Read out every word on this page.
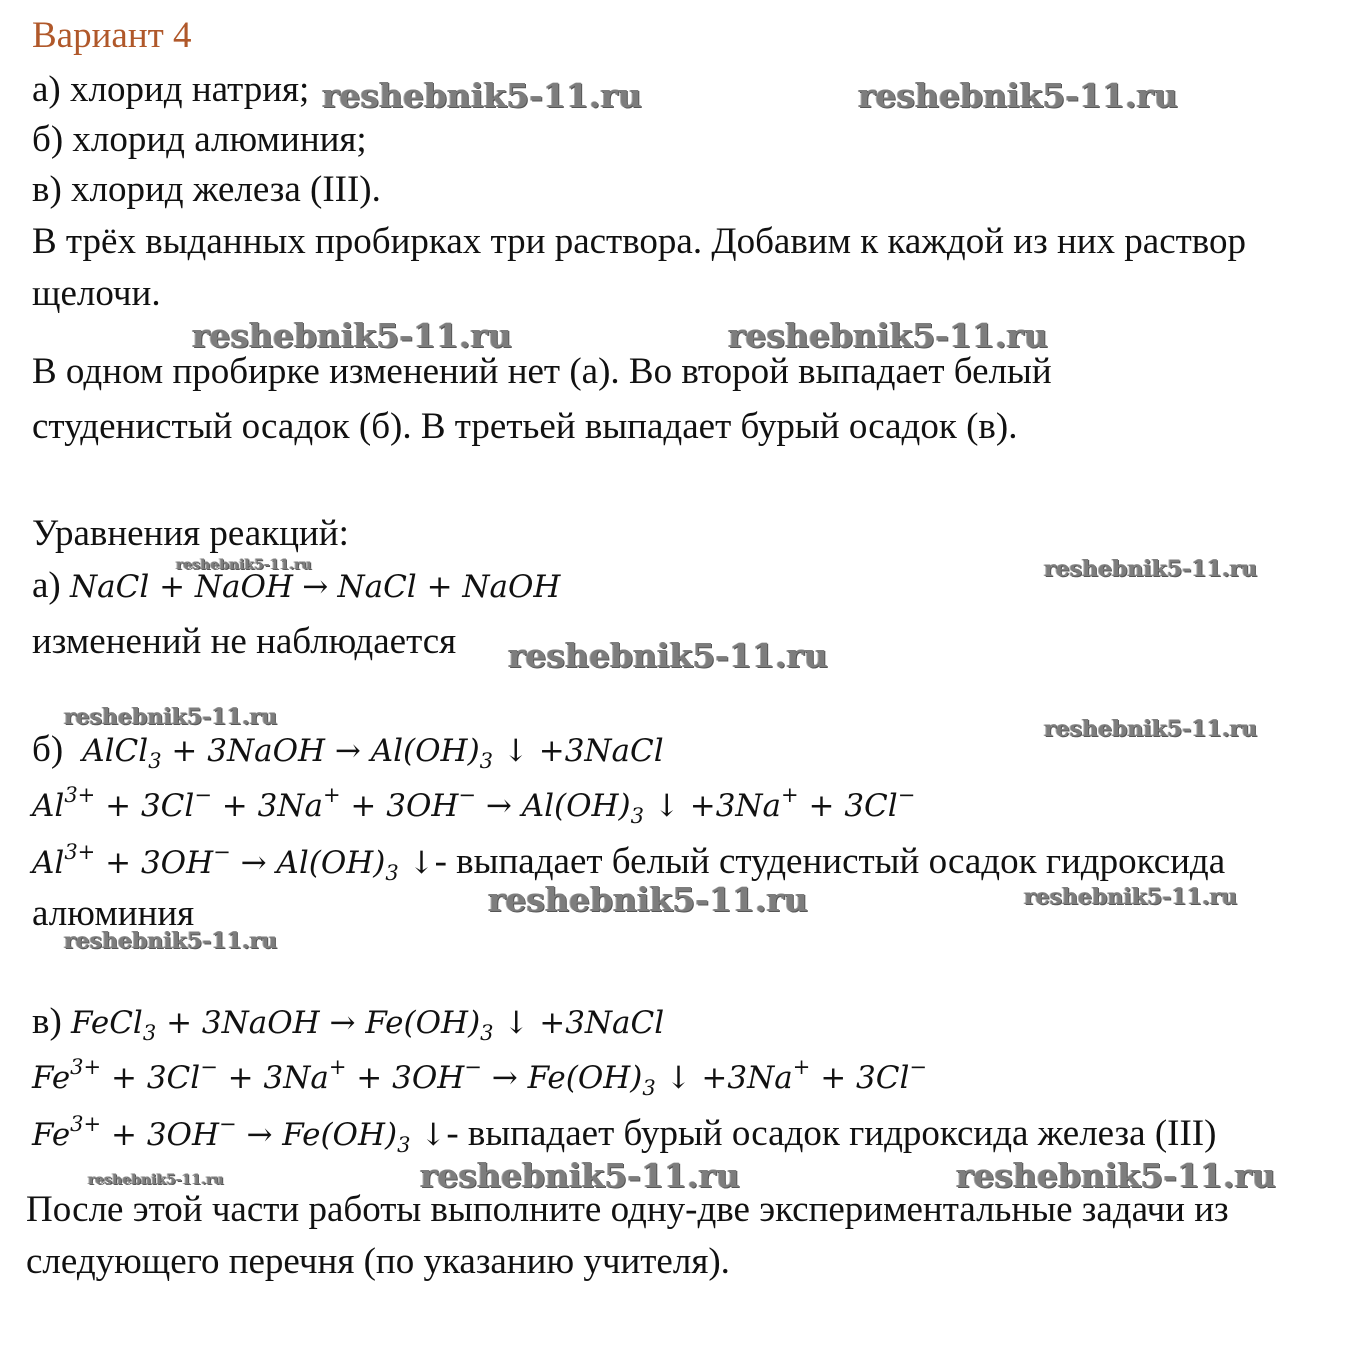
Вариант 4
а) хлорид натрия;
б) хлорид алюминия;
в) хлорид железа (III).
В трёх выданных пробирках три раствора. Добавим к каждой из них раствор
щелочи.
В одном пробирке изменений нет (а). Во второй выпадает белый
студенистый осадок (б). В третьей выпадает бурый осадок (в).
Уравнения реакций:
а) NaCl + NaOH → NaCl + NaOH
изменений не наблюдается
б)  AlCl$_3$ + 3NaOH → $Al(OH)_3$ ↓ +3NaCl
$Al^{3+} + 3Cl^- + 3Na^+ + 3OH^- \to Al(OH)_3$ ↓ +3Na+ + 3Cl−
$Al^{3+} + 3OH^- \to Al(OH)_3$ ↓- выпадает белый студенистый осадок гидроксида
алюминия
в) FeCl$_3$ + 3NaOH → $Fe(OH)_3$ ↓ +3NaCl
$Fe^{3+} + 3Cl^- + 3Na^+ + 3OH^- \to Fe(OH)_3$ ↓ +3Na+ + 3Cl−
$Fe^{3+} + 3OH^- \to Fe(OH)_3$ ↓- выпадает бурый осадок гидроксида железа (III)
После этой части работы выполните одну-две экспериментальные задачи из
следующего перечня (по указанию учителя).
reshebnik5-11.ru	reshebnik5-11.ru
reshebnik5-11.ru	reshebnik5-11.ru
reshebnik5-11.ru	reshebnik5-11.ru
reshebnik5-11.ru
reshebnik5-11.ru	reshebnik5-11.ru
reshebnik5-11.ru	reshebnik5-11.ru
reshebnik5-11.ru
reshebnik5-11.ru	reshebnik5-11.ru	reshebnik5-11.ru
